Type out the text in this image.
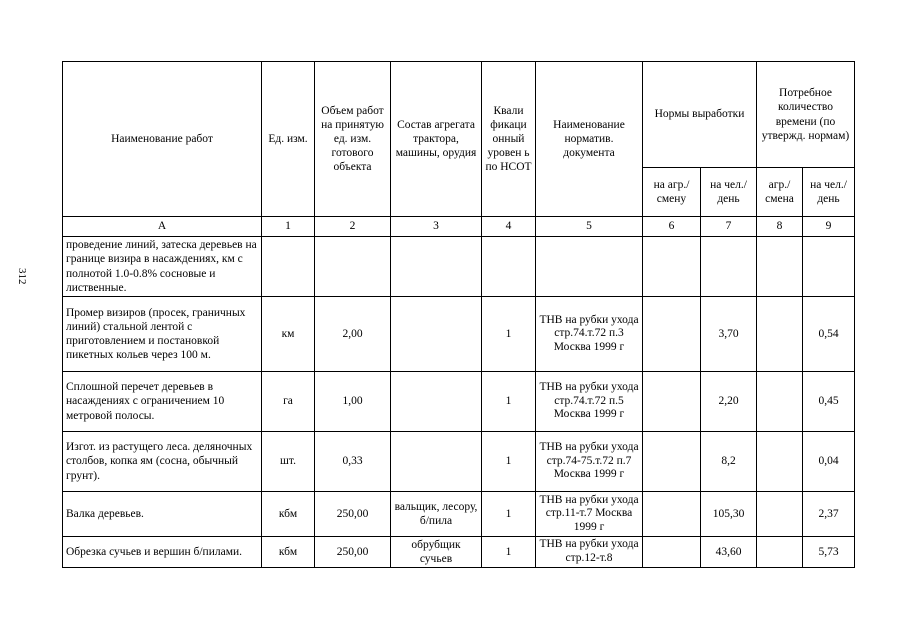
312
Наименование работ	Ед. изм.	Объем работ на принятую ед. изм. готового объекта	Состав агрегата трактора, машины, орудия	Квали фикаци онный уровен ь по НСОТ	Наименование норматив. документа	Нормы выработки		Потребное количество времени (по утвержд. нормам)	
						на агр./ смену	на чел./ день	агр./ смена	на чел./ день
А	1	2	3	4	5	6	7	8	9
проведение линий, затеска деревьев на границе визира в насаждениях, км с полнотой 1.0-0.8% сосновые и лиственные.									
Промер визиров (просек, граничных линий) стальной лентой с приготовлением и постановкой пикетных кольев через 100 м.	км	2,00		1	ТНВ на рубки ухода стр.74.т.72 п.3 Москва 1999 г		3,70		0,54
Сплошной перечет деревьев в насаждениях с ограничением 10 метровой полосы.	га	1,00		1	ТНВ на рубки ухода стр.74.т.72 п.5 Москва 1999 г		2,20		0,45
Изгот. из растущего леса. деляночных столбов, копка ям (сосна, обычный грунт).	шт.	0,33		1	ТНВ на рубки ухода стр.74-75.т.72 п.7 Москва 1999 г		8,2		0,04
Валка деревьев.	кбм	250,00	вальщик, лесору, б/пила	1	ТНВ на рубки ухода стр.11-т.7 Москва 1999 г		105,30		2,37
Обрезка сучьев и вершин б/пилами.	кбм	250,00	обрубщик сучьев	1	ТНВ на рубки ухода стр.12-т.8		43,60		5,73
